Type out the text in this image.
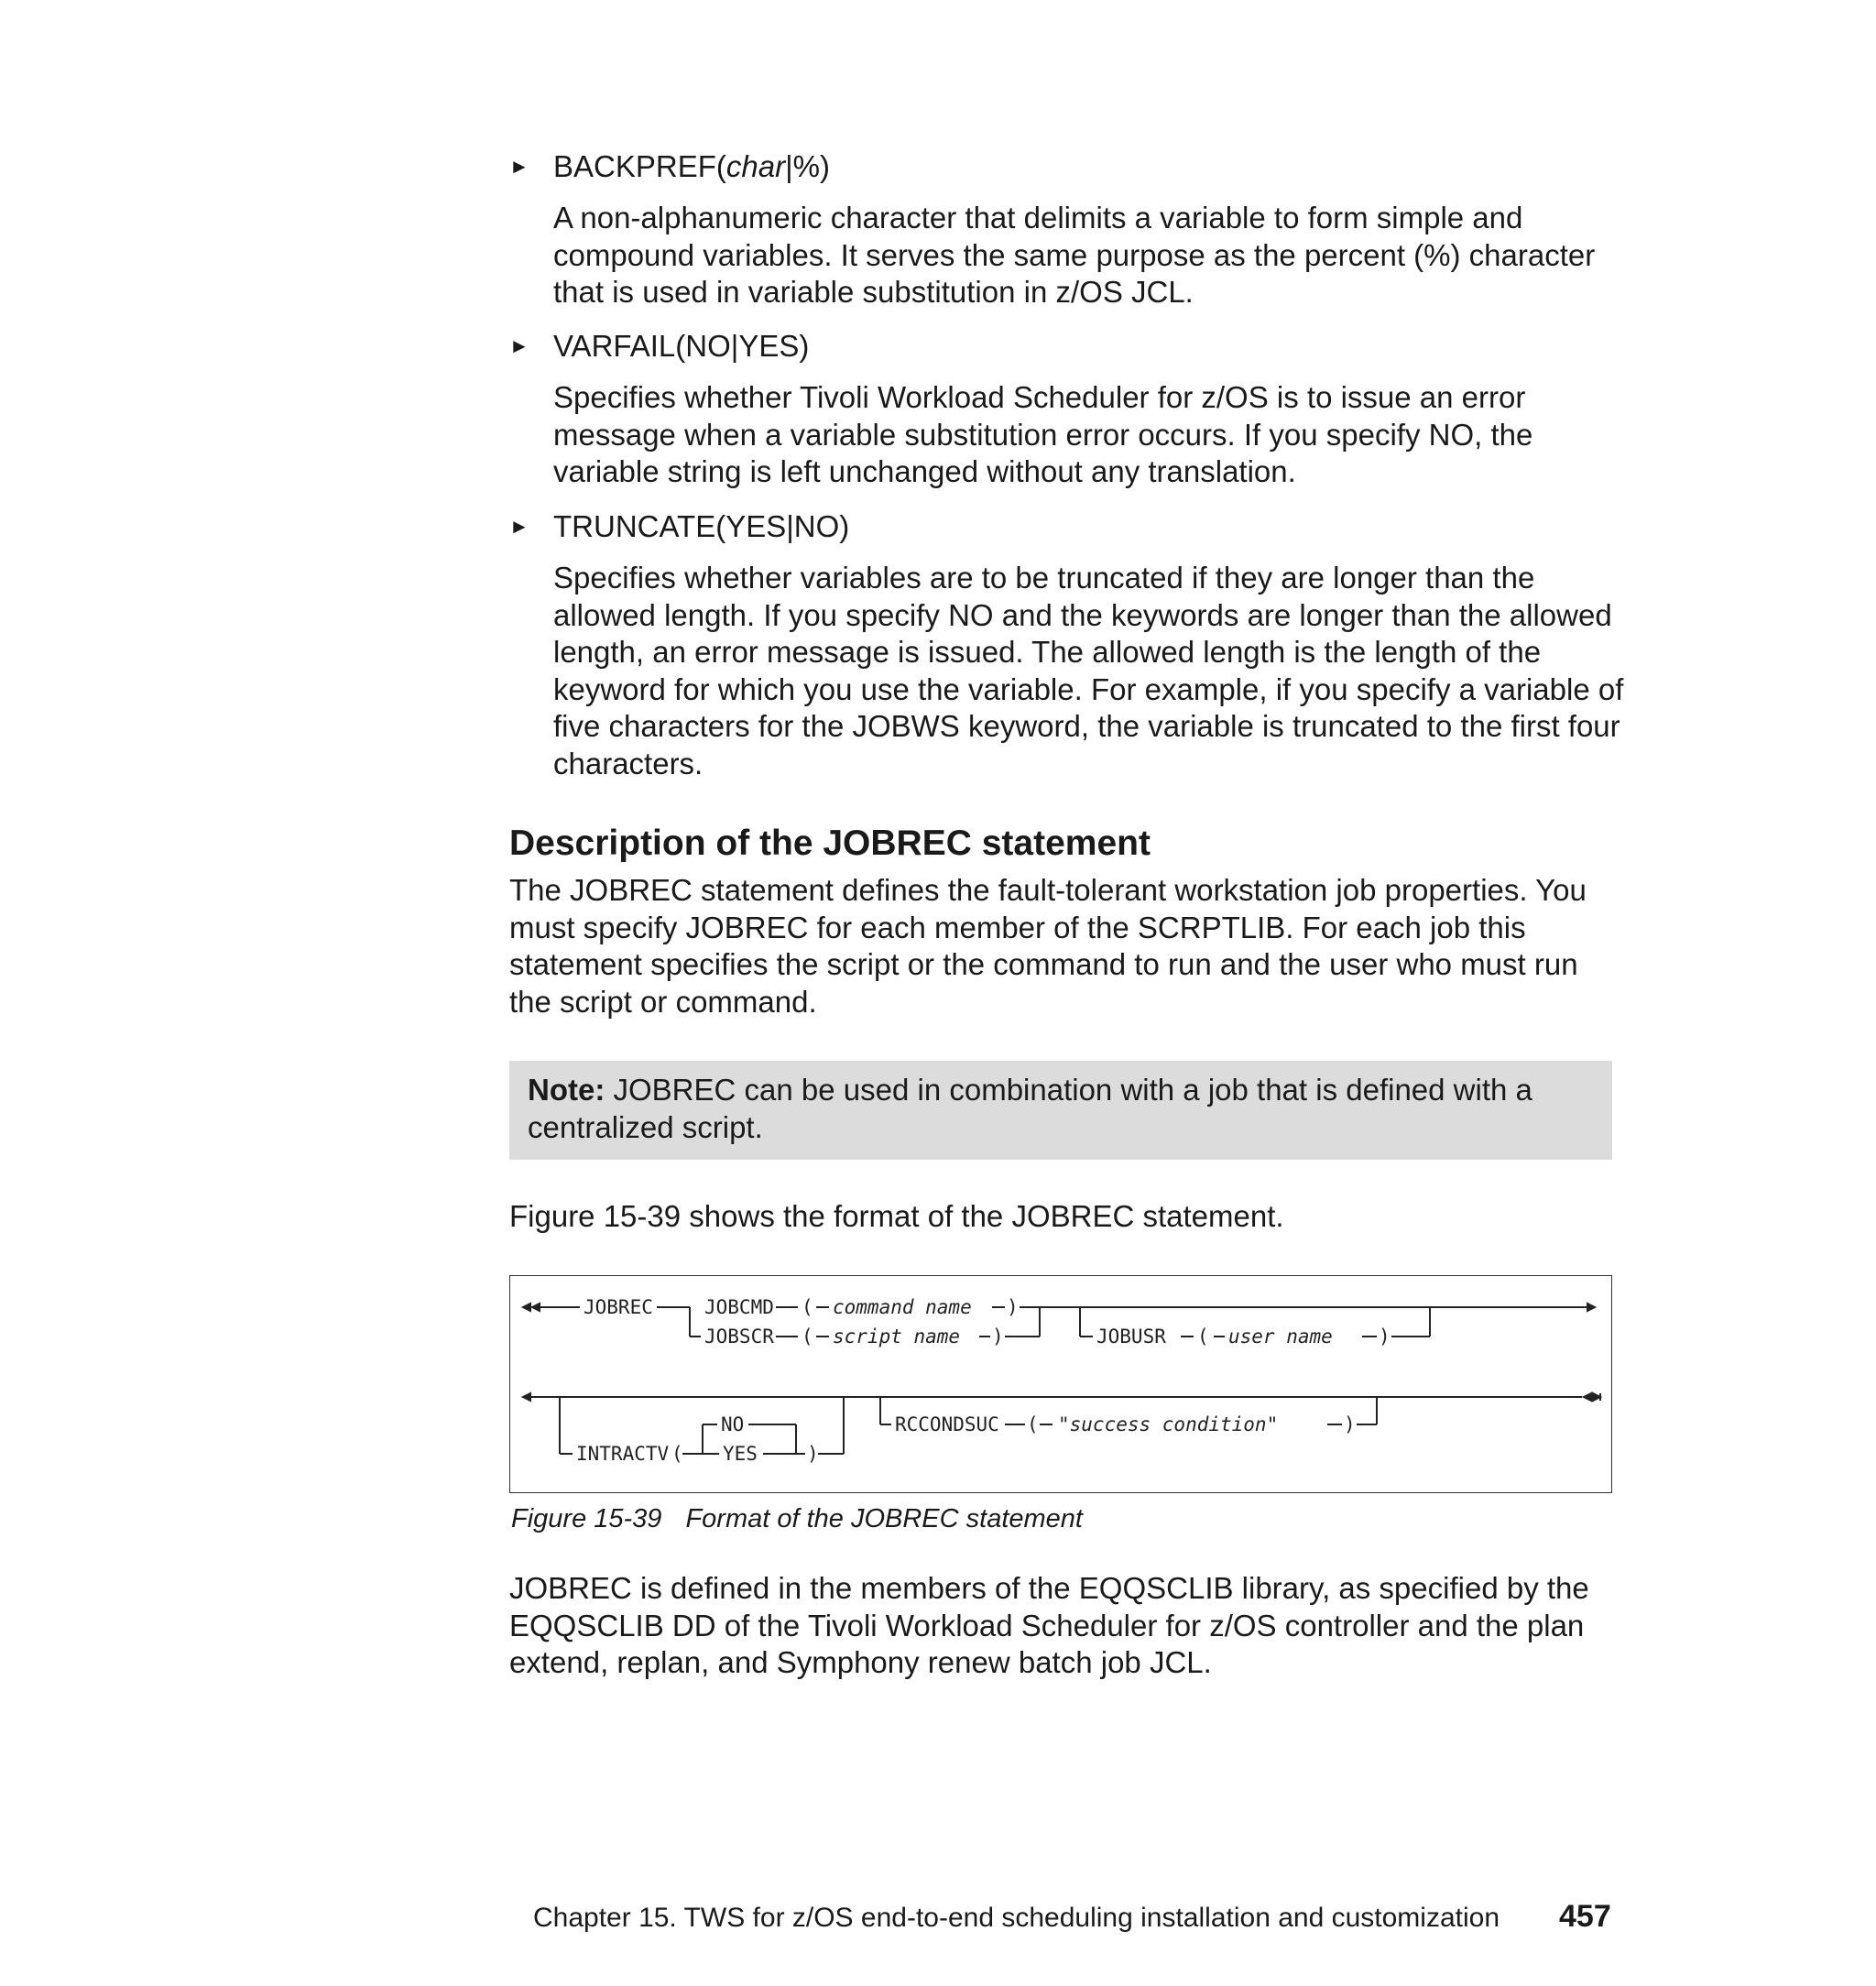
► BACKPREF(char|%)

A non-alphanumeric character that delimits a variable to form simple and compound variables. It serves the same purpose as the percent (%) character that is used in variable substitution in z/OS JCL.

► VARFAIL(NO|YES)

Specifies whether Tivoli Workload Scheduler for z/OS is to issue an error message when a variable substitution error occurs. If you specify NO, the variable string is left unchanged without any translation.

► TRUNCATE(YES|NO)

Specifies whether variables are to be truncated if they are longer than the allowed length. If you specify NO and the keywords are longer than the allowed length, an error message is issued. The allowed length is the length of the keyword for which you use the variable. For example, if you specify a variable of five characters for the JOBWS keyword, the variable is truncated to the first four characters.

Description of the JOBREC statement

The JOBREC statement defines the fault-tolerant workstation job properties. You must specify JOBREC for each member of the SCRPTLIB. For each job this statement specifies the script or the command to run and the user who must run the script or command.

Note: JOBREC can be used in combination with a job that is defined with a centralized script.

Figure 15-39 shows the format of the JOBREC statement.

JOBREC	JOBCMD
JOBSCR
(
(
command name
script name
)
)	JOBUSR ( user name )
INTRACTV (
NO
YES	)
RCCONDSUC ( "success condition"	)
Figure 15-39 Format of the JOBREC statement

JOBREC is defined in the members of the EQQSCLIB library, as specified by the EQQSCLIB DD of the Tivoli Workload Scheduler for z/OS controller and the plan extend, replan, and Symphony renew batch job JCL.

Chapter 15. TWS for z/OS end-to-end scheduling installation and customization 457
